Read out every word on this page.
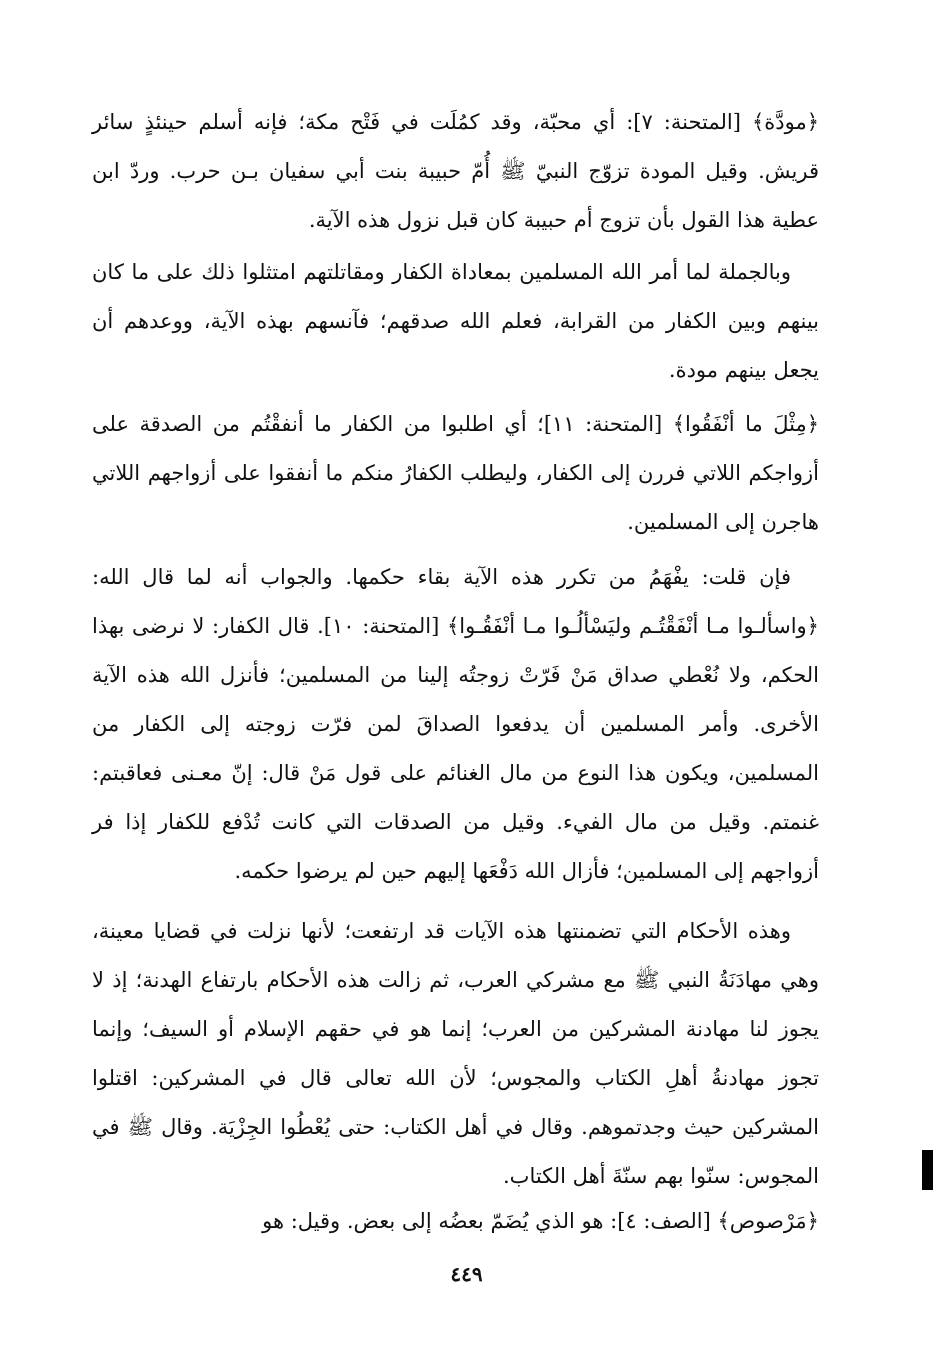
﴿مودَّة﴾ [المتحنة: ٧]: أي محبّة، وقد كمُلَت في فَتْح مكة؛ فإنه أسلم حينئذٍ سائر قريش. وقيل المودة تزوّج النبيّ ﷺ أُمّ حبيبة بنت أبي سفيان بـن حرب. وردّ ابن عطية هذا القول بأن تزوج أم حبيبة كان قبل نزول هذه الآية.

وبالجملة لما أمر الله المسلمين بمعاداة الكفار ومقاتلتهم امتثلوا ذلك على ما كان بينهم وبين الكفار من القرابة، فعلم الله صدقهم؛ فآنسهم بهذه الآية، ووعدهم أن يجعل بينهم مودة.

﴿مِثْلَ ما أنْفَقُوا﴾ [المتحنة: ١١]؛ أي اطلبوا من الكفار ما أنفقْتُم من الصدقة على أزواجكم اللاتي فررن إلى الكفار، وليطلب الكفارُ منكم ما أنفقوا على أزواجهم اللاتي هاجرن إلى المسلمين.

فإن قلت: يفْهَمُ من تكرر هذه الآية بقاء حكمها. والجواب أنه لما قال الله: ﴿واسألـوا مـا أنْفَقْتُـم وليَسْألُـوا مـا أنْفَقُـوا﴾ [المتحنة: ١٠]. قال الكفار: لا نرضى بهذا الحكم، ولا نُعْطي صداق مَنْ فَرّتْ زوجتُه إلينا من المسلمين؛ فأنزل الله هذه الآية الأخرى. وأمر المسلمين أن يدفعوا الصداقَ لمن فرّت زوجته إلى الكفار من المسلمين، ويكون هذا النوع من مال الغنائم على قول مَنْ قال: إنّ معـنى فعاقبتم: غنمتم. وقيل من مال الفيء. وقيل من الصدقات التي كانت تُدْفع للكفار إذا فر أزواجهم إلى المسلمين؛ فأزال الله دَفْعَها إليهم حين لم يرضوا حكمه.

وهذه الأحكام التي تضمنتها هذه الآيات قد ارتفعت؛ لأنها نزلت في قضايا معينة، وهي مهادَنَةُ النبي ﷺ مع مشركي العرب، ثم زالت هذه الأحكام بارتفاع الهدنة؛ إذ لا يجوز لنا مهادنة المشركين من العرب؛ إنما هو في حقهم الإسلام أو السيف؛ وإنما تجوز مهادنةُ أهلِ الكتاب والمجوس؛ لأن الله تعالى قال في المشركين: اقتلوا المشركين حيث وجدتموهم. وقال في أهل الكتاب: حتى يُعْطُوا الجِزْيَة. وقال ﷺ في المجوس: سنّوا بهم سنّةَ أهل الكتاب.

﴿مَرْصوص﴾ [الصف: ٤]: هو الذي يُضَمّ بعضُه إلى بعض. وقيل: هو

٤٤٩
